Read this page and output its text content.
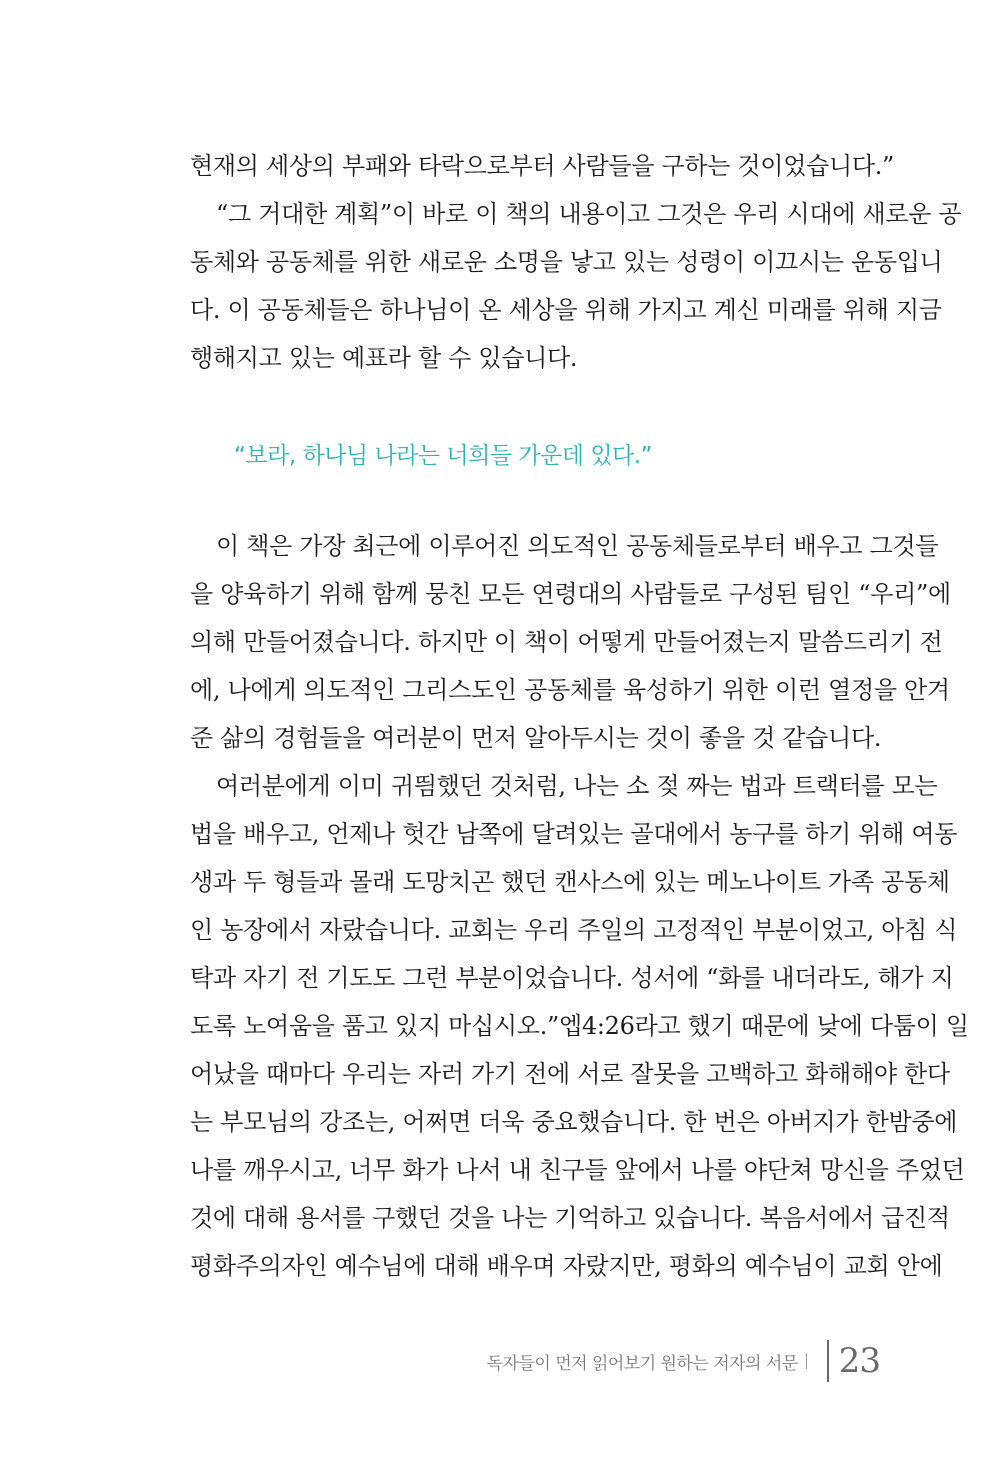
현재의 세상의 부패와 타락으로부터 사람들을 구하는 것이었습니다.”
“그 거대한 계획”이 바로 이 책의 내용이고 그것은 우리 시대에 새로운 공
동체와 공동체를 위한 새로운 소명을 낳고 있는 성령이 이끄시는 운동입니
다. 이 공동체들은 하나님이 온 세상을 위해 가지고 계신 미래를 위해 지금
행해지고 있는 예표라 할 수 있습니다.
“보라, 하나님 나라는 너희들 가운데 있다.”
이 책은 가장 최근에 이루어진 의도적인 공동체들로부터 배우고 그것들
을 양육하기 위해 함께 뭉친 모든 연령대의 사람들로 구성된 팀인 “우리”에
의해 만들어졌습니다. 하지만 이 책이 어떻게 만들어졌는지 말씀드리기 전
에, 나에게 의도적인 그리스도인 공동체를 육성하기 위한 이런 열정을 안겨
준 삶의 경험들을 여러분이 먼저 알아두시는 것이 좋을 것 같습니다.
여러분에게 이미 귀띔했던 것처럼, 나는 소 젖 짜는 법과 트랙터를 모는
법을 배우고, 언제나 헛간 남쪽에 달려있는 골대에서 농구를 하기 위해 여동
생과 두 형들과 몰래 도망치곤 했던 캔사스에 있는 메노나이트 가족 공동체
인 농장에서 자랐습니다. 교회는 우리 주일의 고정적인 부분이었고, 아침 식
탁과 자기 전 기도도 그런 부분이었습니다. 성서에 “화를 내더라도, 해가 지
도록 노여움을 품고 있지 마십시오.”엡4:26라고 했기 때문에 낮에 다툼이 일
어났을 때마다 우리는 자러 가기 전에 서로 잘못을 고백하고 화해해야 한다
는 부모님의 강조는, 어쩌면 더욱 중요했습니다. 한 번은 아버지가 한밤중에
나를 깨우시고, 너무 화가 나서 내 친구들 앞에서 나를 야단쳐 망신을 주었던
것에 대해 용서를 구했던 것을 나는 기억하고 있습니다. 복음서에서 급진적
평화주의자인 예수님에 대해 배우며 자랐지만, 평화의 예수님이 교회 안에
독자들이 먼저 읽어보기 원하는 저자의 서문 23
